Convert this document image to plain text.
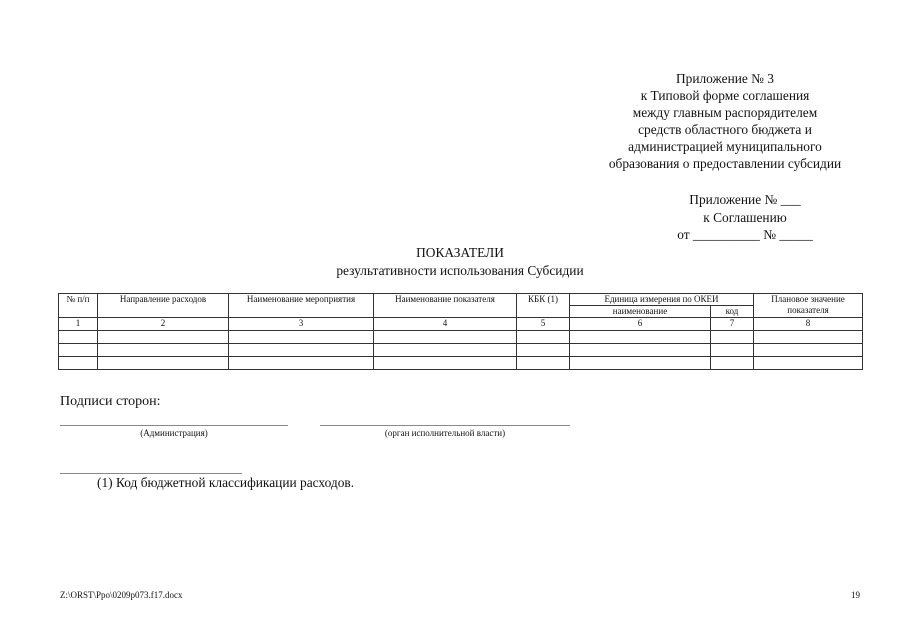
Приложение № 3
к Типовой форме соглашения
между главным распорядителем
средств областного бюджета и
администрацией муниципального
образования о предоставлении субсидии
Приложение № ___
к Соглашению
от __________ № _____
ПОКАЗАТЕЛИ
результативности использования Субсидии
№ п/п	Направление расходов	Наименование мероприятия	Наименование показателя	КБК (1)	Единица измерения по ОКЕИ		Плановое значение показателя
					наименование	код	
1	2	3	4	5	6	7	8

Подписи сторон:
(Администрация)	(орган исполнительной власти)
(1) Код бюджетной классификации расходов.
Z:\ORST\Ppo\0209p073.f17.docx	19
